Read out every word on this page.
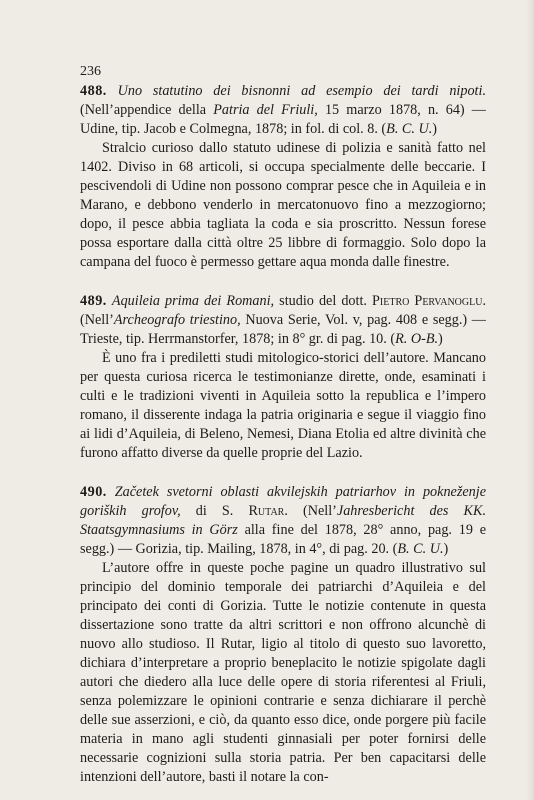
236

488 . Uno statutino dei bisnonni ad esempio dei tardi nipoti. (Nell’appendice della Patria del Friuli, 15 marzo 1878, n. 64) — Udine, tip. Jacob e Colmegna, 1878; in fol. di col. 8. (B. C. U.)

Stralcio curioso dallo statuto udinese di polizia e sanità fatto nel 1402. Diviso in 68 articoli, si occupa specialmente delle beccarie. I pescivendoli di Udine non possono comprar pesce che in Aquileia e in Marano, e debbono venderlo in mercatonuovo fino a mezzogiorno; dopo, il pesce abbia tagliata la coda e sia proscritto. Nessun forese possa esportare dalla città oltre 25 libbre di formaggio. Solo dopo la campana del fuoco è permesso gettare aqua monda dalle finestre.

489 . Aquileia prima dei Romani, studio del dott. Pietro Pervanoglu. (Nell’Archeografo triestino, Nuova Serie, Vol. v, pag. 408 e segg.) — Trieste, tip. Herrmanstorfer, 1878; in 8° gr. di pag. 10. (R. O-B.)

È uno fra i prediletti studi mitologico-storici dell’autore. Mancano per questa curiosa ricerca le testimonianze dirette, onde, esaminati i culti e le tradizioni viventi in Aquileia sotto la republica e l’impero romano, il disserente indaga la patria originaria e segue il viaggio fino ai lidi d’Aquileia, di Beleno, Nemesi, Diana Etolia ed altre divinità che furono affatto diverse da quelle proprie del Lazio.

490 . Začetek svetorni oblasti akvilejskih patriarhov in pokneženje goriških grofov, di S. Rutar. (Nell’Jahresbericht des KK. Staatsgymnasiums in Görz alla fine del 1878, 28° anno, pag. 19 e segg.) — Gorizia, tip. Mailing, 1878, in 4°, di pag. 20. (B. C. U.)

L’autore offre in queste poche pagine un quadro illustrativo sul principio del dominio temporale dei patriarchi d’Aquileia e del principato dei conti di Gorizia. Tutte le notizie contenute in questa dissertazione sono tratte da altri scrittori e non offrono alcunchè di nuovo allo studioso. Il Rutar, ligio al titolo di questo suo lavoretto, dichiara d’interpretare a proprio beneplacito le notizie spigolate dagli autori che diedero alla luce delle opere di storia riferentesi al Friuli, senza polemizzare le opinioni contrarie e senza dichiarare il perchè delle sue asserzioni, e ciò, da quanto esso dice, onde porgere più facile materia in mano agli studenti ginnasiali per poter fornirsi delle necessarie cognizioni sulla storia patria. Per ben capacitarsi delle intenzioni dell’autore, basti il notare la con-
